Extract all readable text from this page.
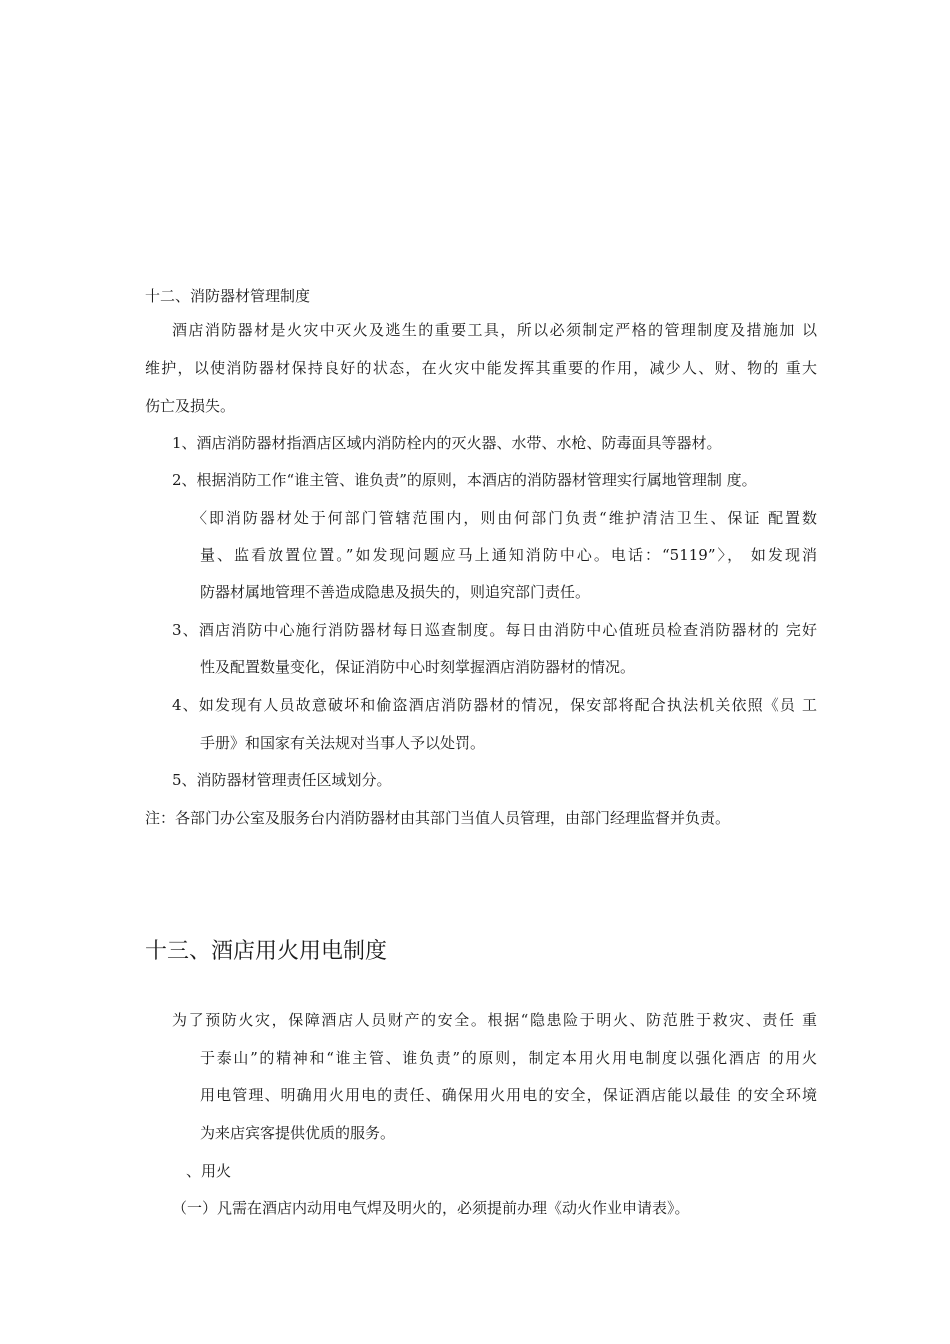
十二、消防器材管理制度
酒店消防器材是火灾中灭火及逃生的重要工具，所以必须制定严格的管理制度及措施加 以
维护，以使消防器材保持良好的状态，在火灾中能发挥其重要的作用，减少人、财、物的 重大
伤亡及损失。
1、酒店消防器材指酒店区域内消防栓内的灭火器、水带、水枪、防毒面具等器材。
2、根据消防工作“谁主管、谁负责”的原则，本酒店的消防器材管理实行属地管理制 度。
〈即消防器材处于何部门管辖范围内，则由何部门负责“维护清洁卫生、保证 配置数
量、监看放置位置。”如发现问题应马上通知消防中心。电话：“5119”〉， 如发现消
防器材属地管理不善造成隐患及损失的，则追究部门责任。
3、酒店消防中心施行消防器材每日巡查制度。每日由消防中心值班员检查消防器材的 完好
性及配置数量变化，保证消防中心时刻掌握酒店消防器材的情况。
4、如发现有人员故意破坏和偷盗酒店消防器材的情况，保安部将配合执法机关依照《员 工
手册》和国家有关法规对当事人予以处罚。
5、消防器材管理责任区域划分。
注：各部门办公室及服务台内消防器材由其部门当值人员管理，由部门经理监督并负责。
十三、酒店用火用电制度
为了预防火灾，保障酒店人员财产的安全。根据“隐患险于明火、防范胜于救灾、责任 重
于泰山”的精神和“谁主管、谁负责”的原则，制定本用火用电制度以强化酒店 的用火
用电管理、明确用火用电的责任、确保用火用电的安全，保证酒店能以最佳 的安全环境
为来店宾客提供优质的服务。
、用火
（一）凡需在酒店内动用电气焊及明火的，必须提前办理《动火作业申请表》。
